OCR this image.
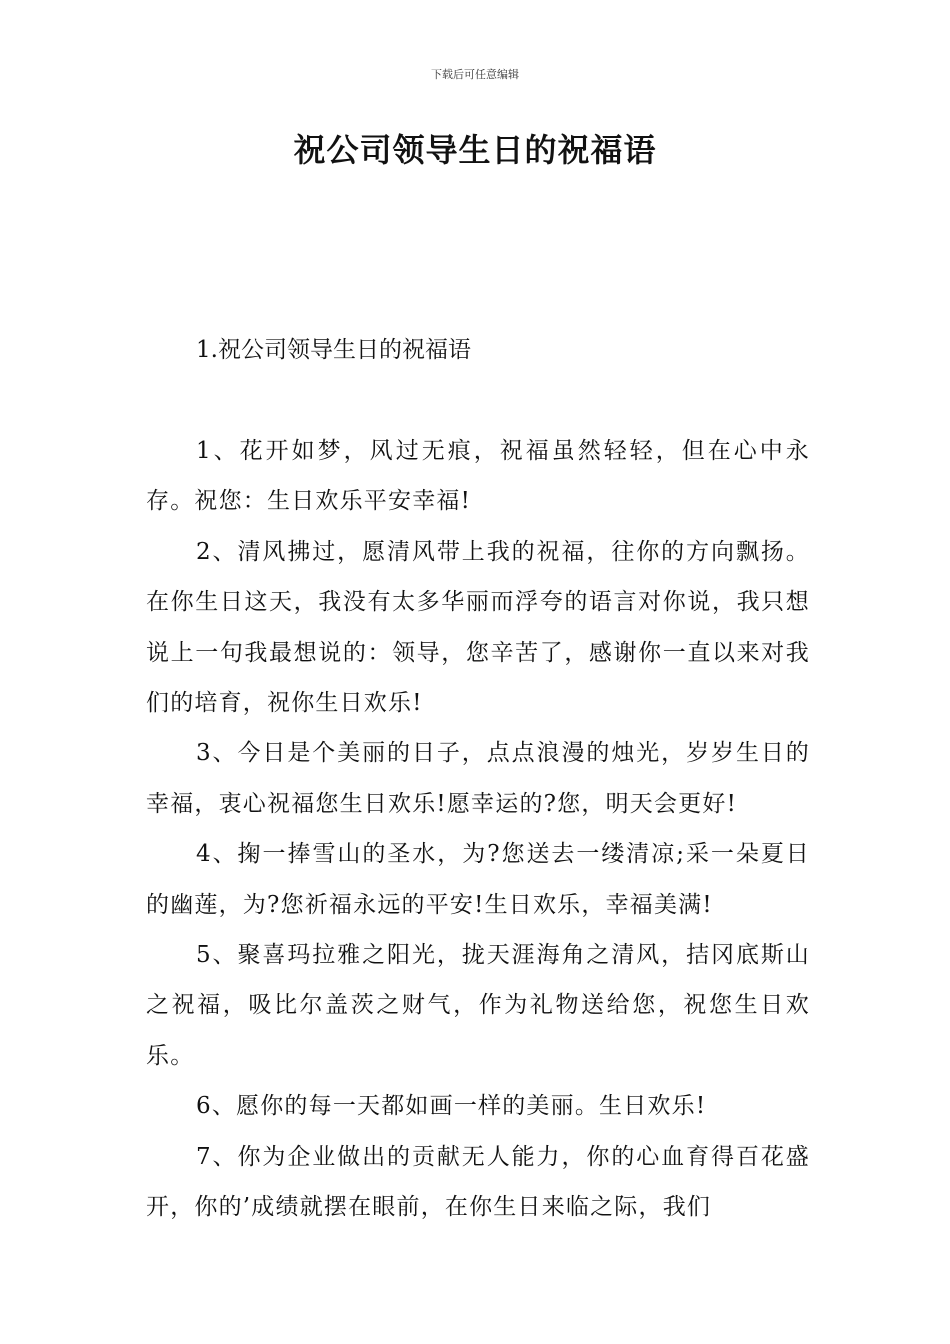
下载后可任意编辑
祝公司领导生日的祝福语

1.祝公司领导生日的祝福语

1、花开如梦，风过无痕，祝福虽然轻轻，但在心中永存。祝您：生日欢乐平安幸福!

2、清风拂过，愿清风带上我的祝福，往你的方向飘扬。在你生日这天，我没有太多华丽而浮夸的语言对你说，我只想说上一句我最想说的：领导，您辛苦了，感谢你一直以来对我们的培育，祝你生日欢乐!

3、今日是个美丽的日子，点点浪漫的烛光，岁岁生日的幸福，衷心祝福您生日欢乐!愿幸运的?您，明天会更好!

4、掬一捧雪山的圣水，为?您送去一缕清凉;采一朵夏日的幽莲，为?您祈福永远的平安!生日欢乐，幸福美满!

5、聚喜玛拉雅之阳光，拢天涯海角之清风，拮冈底斯山之祝福，吸比尔盖茨之财气，作为礼物送给您，祝您生日欢乐。

6、愿你的每一天都如画一样的美丽。生日欢乐!

7、你为企业做出的贡献无人能力，你的心血育得百花盛开，你的’成绩就摆在眼前，在你生日来临之际，我们
